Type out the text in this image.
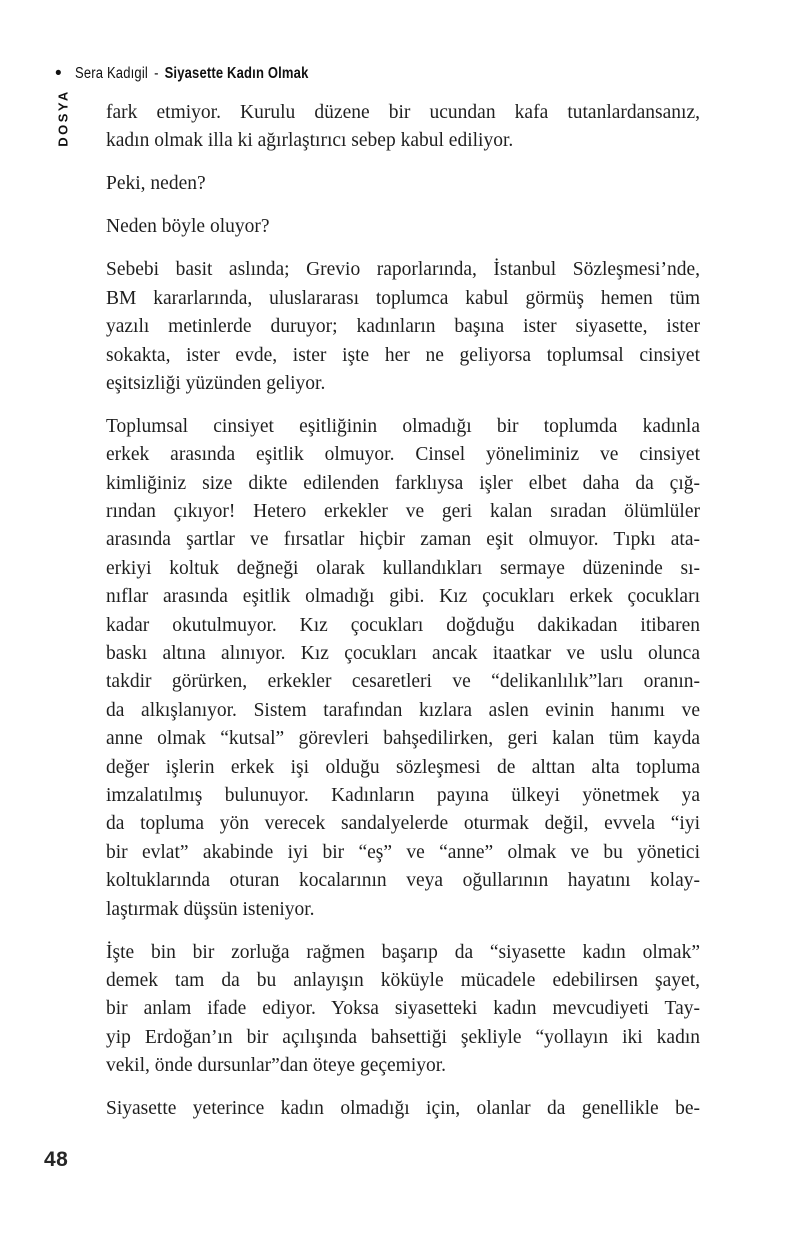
• Sera Kadıgil - Siyasette Kadın Olmak
DOSYA fark etmiyor. Kurulu düzene bir ucundan kafa tutanlardansanız,
kadın olmak illa ki ağırlaştırıcı sebep kabul ediliyor.
Peki, neden?
Neden böyle oluyor?
Sebebi basit aslında; Grevio raporlarında, İstanbul Sözleşmesi’nde,
BM kararlarında, uluslararası toplumca kabul görmüş hemen tüm
yazılı metinlerde duruyor; kadınların başına ister siyasette, ister
sokakta, ister evde, ister işte her ne geliyorsa toplumsal cinsiyet
eşitsizliği yüzünden geliyor.
Toplumsal cinsiyet eşitliğinin olmadığı bir toplumda kadınla
erkek arasında eşitlik olmuyor. Cinsel yöneliminiz ve cinsiyet
kimliğiniz size dikte edilenden farklıysa işler elbet daha da çığ-
rından çıkıyor! Hetero erkekler ve geri kalan sıradan ölümlüler
arasında şartlar ve fırsatlar hiçbir zaman eşit olmuyor. Tıpkı ata-
erkiyi koltuk değneği olarak kullandıkları sermaye düzeninde sı-
nıflar arasında eşitlik olmadığı gibi. Kız çocukları erkek çocukları
kadar okutulmuyor. Kız çocukları doğduğu dakikadan itibaren
baskı altına alınıyor. Kız çocukları ancak itaatkar ve uslu olunca
takdir görürken, erkekler cesaretleri ve “delikanlılık”ları oranın-
da alkışlanıyor. Sistem tarafından kızlara aslen evinin hanımı ve
anne olmak “kutsal” görevleri bahşedilirken, geri kalan tüm kayda
değer işlerin erkek işi olduğu sözleşmesi de alttan alta topluma
imzalatılmış bulunuyor. Kadınların payına ülkeyi yönetmek ya
da topluma yön verecek sandalyelerde oturmak değil, evvela “iyi
bir evlat” akabinde iyi bir “eş” ve “anne” olmak ve bu yönetici
koltuklarında oturan kocalarının veya oğullarının hayatını kolay-
laştırmak düşsün isteniyor.
İşte bin bir zorluğa rağmen başarıp da “siyasette kadın olmak”
demek tam da bu anlayışın köküyle mücadele edebilirsen şayet,
bir anlam ifade ediyor. Yoksa siyasetteki kadın mevcudiyeti Tay-
yip Erdoğan’ın bir açılışında bahsettiği şekliyle “yollayın iki kadın
vekil, önde dursunlar”dan öteye geçemiyor.
Siyasette yeterince kadın olmadığı için, olanlar da genellikle be-
48
